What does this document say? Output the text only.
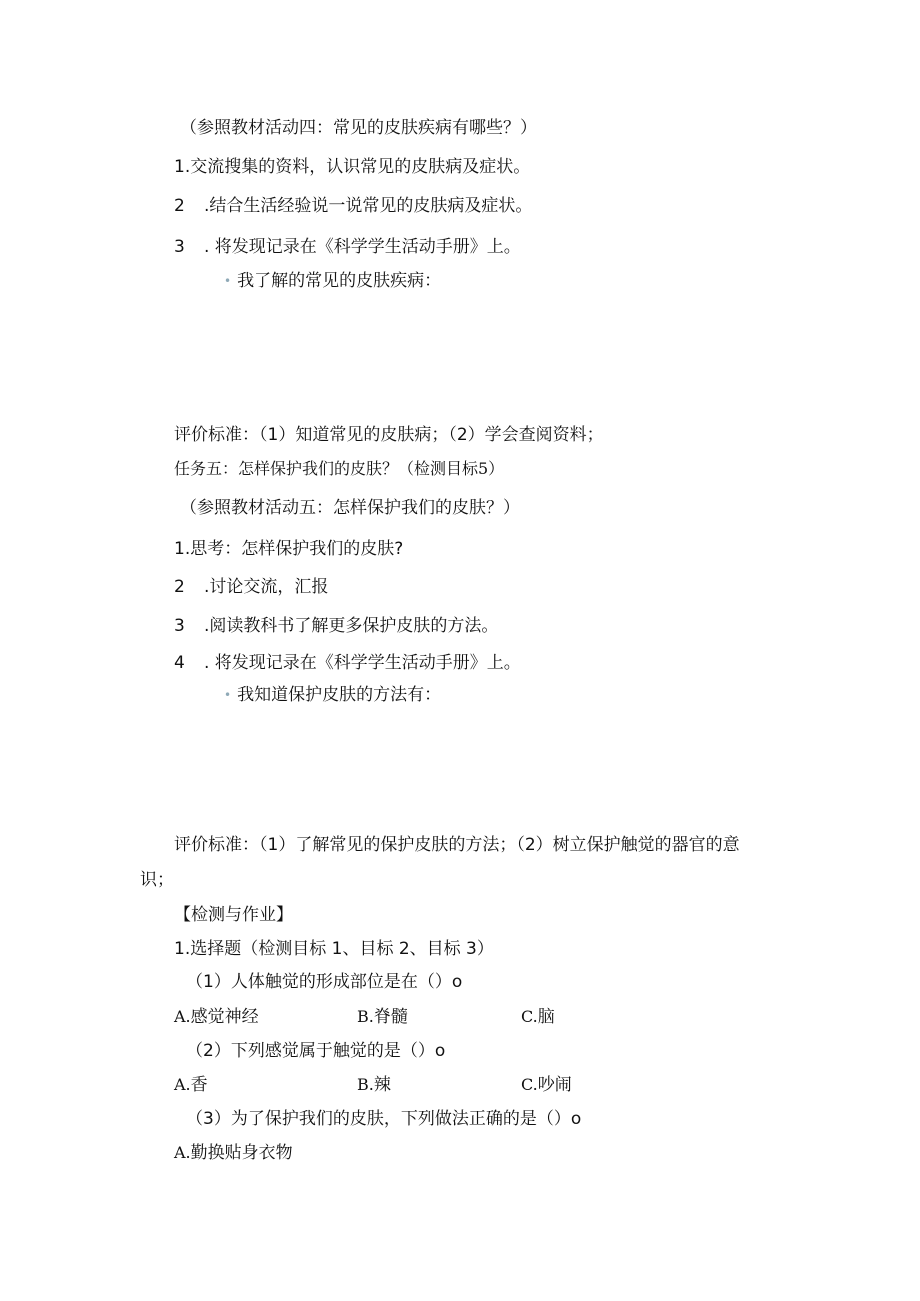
（参照教材活动四：常见的皮肤疾病有哪些？）
1.交流搜集的资料，认识常见的皮肤病及症状。
2 .结合生活经验说一说常见的皮肤病及症状。
3 . 将发现记录在《科学学生活动手册》上。
• 我了解的常见的皮肤疾病：
评价标准：（1）知道常见的皮肤病；（2）学会查阅资料；
任务五：怎样保护我们的皮肤？（检测目标5）
（参照教材活动五：怎样保护我们的皮肤？）
1.思考：怎样保护我们的皮肤?
2 .讨论交流，汇报
3 .阅读教科书了解更多保护皮肤的方法。
4 . 将发现记录在《科学学生活动手册》上。
• 我知道保护皮肤的方法有：
评价标准：（1）了解常见的保护皮肤的方法；（2）树立保护触觉的器官的意
识；
【检测与作业】
1.选择题（检测目标 1、目标 2、目标 3）
（1）人体触觉的形成部位是在（）o
A.感觉神经	B.脊髓	C.脑
（2）下列感觉属于触觉的是（）o
A.香	B.辣	C.吵闹
（3）为了保护我们的皮肤，下列做法正确的是（）o
A.勤换贴身衣物
